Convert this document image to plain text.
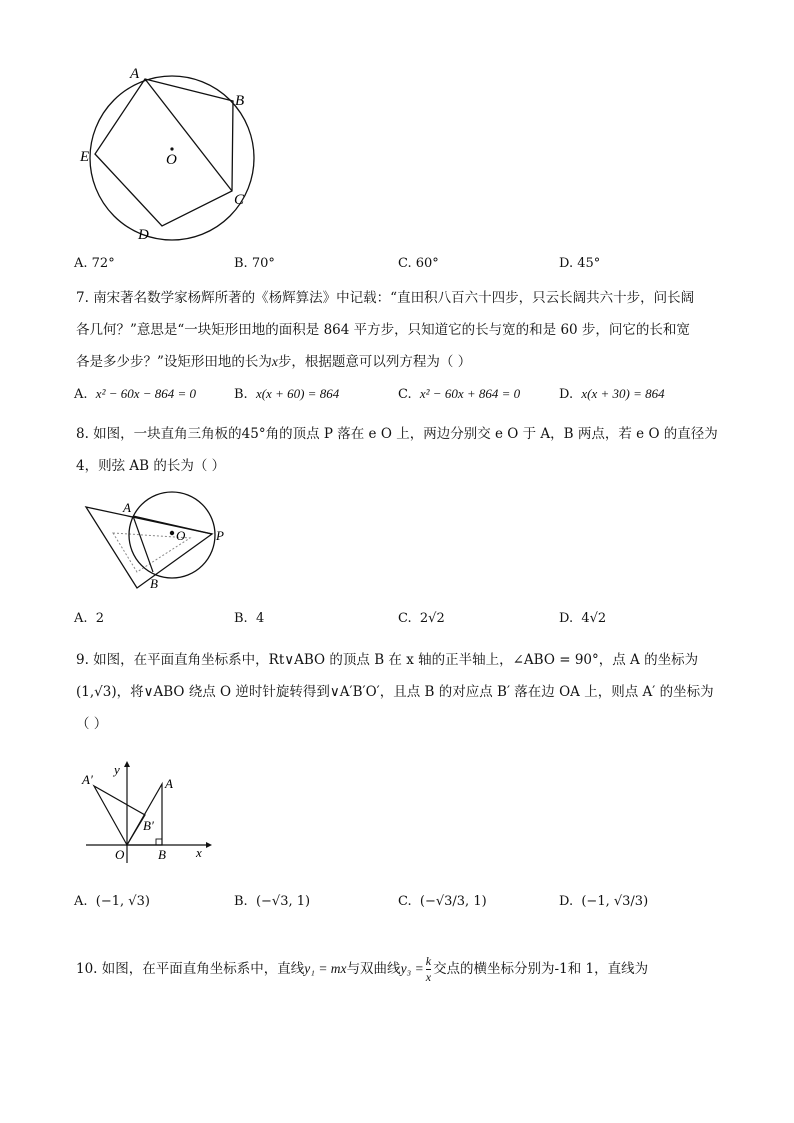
A
B
C
D
E	O
A. 72°	B. 70°	C. 60°	D. 45°
7. 南宋著名数学家杨辉所著的《杨辉算法》中记载：“直田积八百六十四步，只云长阔共六十步，问长阔
各几何？”意思是“一块矩形田地的面积是 864 平方步，只知道它的长与宽的和是 60 步，问它的长和宽
各是多少步？”设矩形田地的长为x步，根据题意可以列方程为（ ）
A. x² − 60x − 864 = 0	B. x(x + 60) = 864	C. x² − 60x + 864 = 0	D. x(x + 30) = 864
8. 如图，一块直角三角板的45°角的顶点 P 落在 e O 上，两边分别交 e O 于 A，B 两点，若 e O 的直径为
4，则弦 AB 的长为（ ）
A
O P
B
A. 2	B. 4	C. 2√2	D. 4√2
9. 如图，在平面直角坐标系中，Rt∨ABO 的顶点 B 在 x 轴的正半轴上，∠ABO = 90°，点 A 的坐标为
(1,√3)，将∨ABO 绕点 O 逆时针旋转得到∨A′B′O′，且点 B 的对应点 B′ 落在边 OA 上，则点 A′ 的坐标为
（ ）
A′
y
A
B′
O	B x
A. (−1, √3)	B. (−√3, 1)	C. (−√3/3, 1)	D. (−1, √3/3)
10. 如图，在平面直角坐标系中，直线y₁ = mx与双曲线$y_3 = \frac{k}{x}$ 交点的横坐标分别为-1和 1，直线为
